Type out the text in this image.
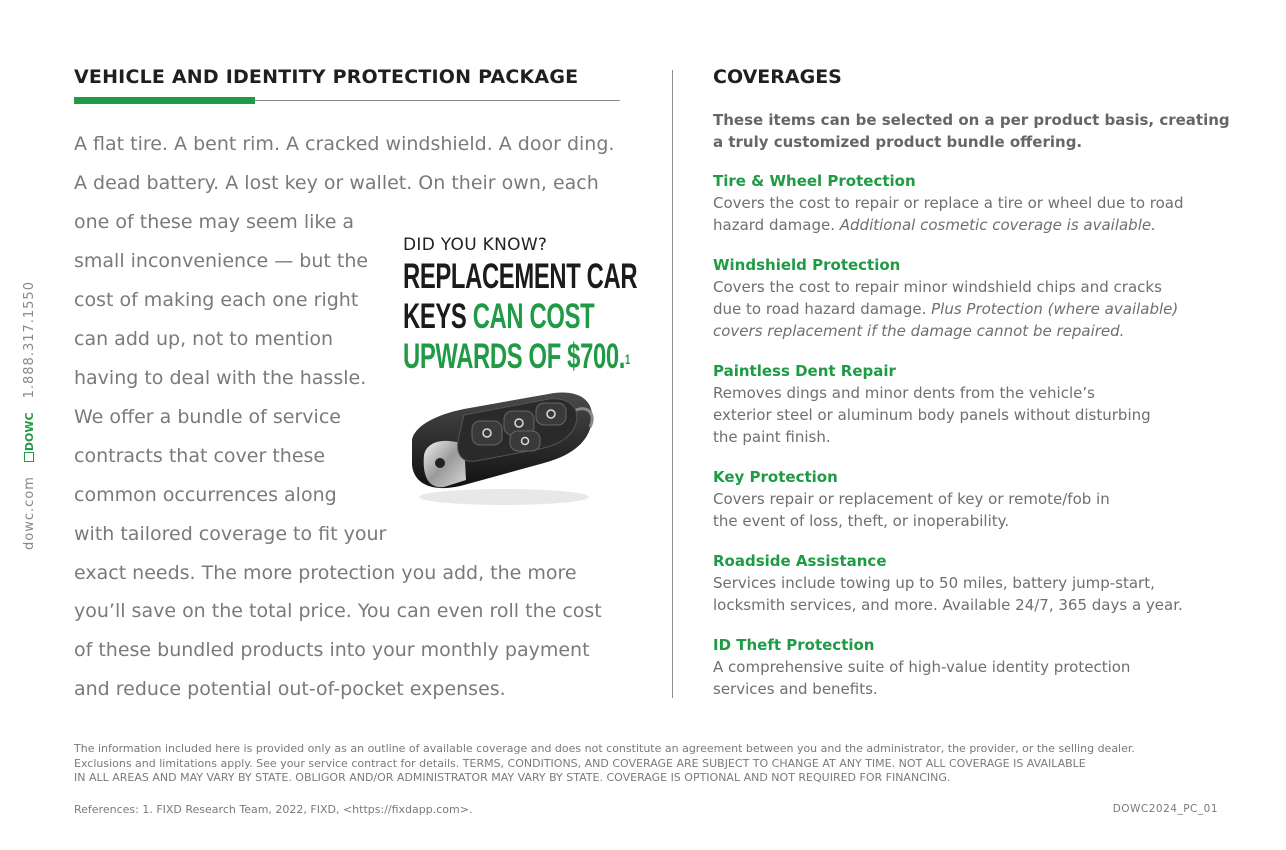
dowc.comDOWC1.888.317.1550
VEHICLE AND IDENTITY PROTECTION PACKAGE
A flat tire. A bent rim. A cracked windshield. A door ding.
A dead battery. A lost key or wallet. On their own, each
one of these may seem like a
small inconvenience — but the
cost of making each one right
can add up, not to mention
having to deal with the hassle.
We offer a bundle of service
contracts that cover these
common occurrences along
with tailored coverage to fit your
exact needs. The more protection you add, the more
you’ll save on the total price. You can even roll the cost
of these bundled products into your monthly payment
and reduce potential out-of-pocket expenses.
DID YOU KNOW?
REPLACEMENT CAR
KEYS CAN COST
UPWARDS OF $700.$^1$
COVERAGES
These items can be selected on a per product basis, creating a truly customized product bundle offering.
Tire & Wheel Protection
Covers the cost to repair or replace a tire or wheel due to road
hazard damage. Additional cosmetic coverage is available.
Windshield Protection
Covers the cost to repair minor windshield chips and cracks
due to road hazard damage. Plus Protection (where available)
covers replacement if the damage cannot be repaired.
Paintless Dent Repair
Removes dings and minor dents from the vehicle’s
exterior steel or aluminum body panels without disturbing
the paint finish.
Key Protection
Covers repair or replacement of key or remote/fob in
the event of loss, theft, or inoperability.
Roadside Assistance
Services include towing up to 50 miles, battery jump-start,
locksmith services, and more. Available 24/7, 365 days a year.
ID Theft Protection
A comprehensive suite of high-value identity protection
services and benefits.
The information included here is provided only as an outline of available coverage and does not constitute an agreement between you and the administrator, the provider, or the selling dealer.
Exclusions and limitations apply. See your service contract for details. TERMS, CONDITIONS, AND COVERAGE ARE SUBJECT TO CHANGE AT ANY TIME. NOT ALL COVERAGE IS AVAILABLE
IN ALL AREAS AND MAY VARY BY STATE. OBLIGOR AND/OR ADMINISTRATOR MAY VARY BY STATE. COVERAGE IS OPTIONAL AND NOT REQUIRED FOR FINANCING.
References: 1. FIXD Research Team, 2022, FIXD, <https://fixdapp.com>.	DOWC2024_PC_01
